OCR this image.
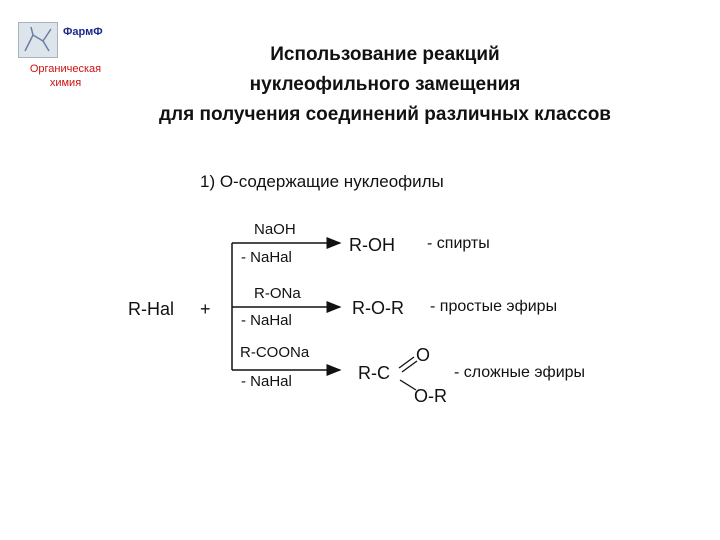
ФармФ
Органическая
химия
Использование реакций
нуклеофильного замещения
для получения соединений различных классов
1) О-содержащие нуклеофилы
R-Hal +
NaOH
- NaHal
R-OH - спирты
R-ONa
- NaHal
R-O-R - простые эфиры
R-COONa
- NaHal	R-C
O
O-R
- сложные эфиры
